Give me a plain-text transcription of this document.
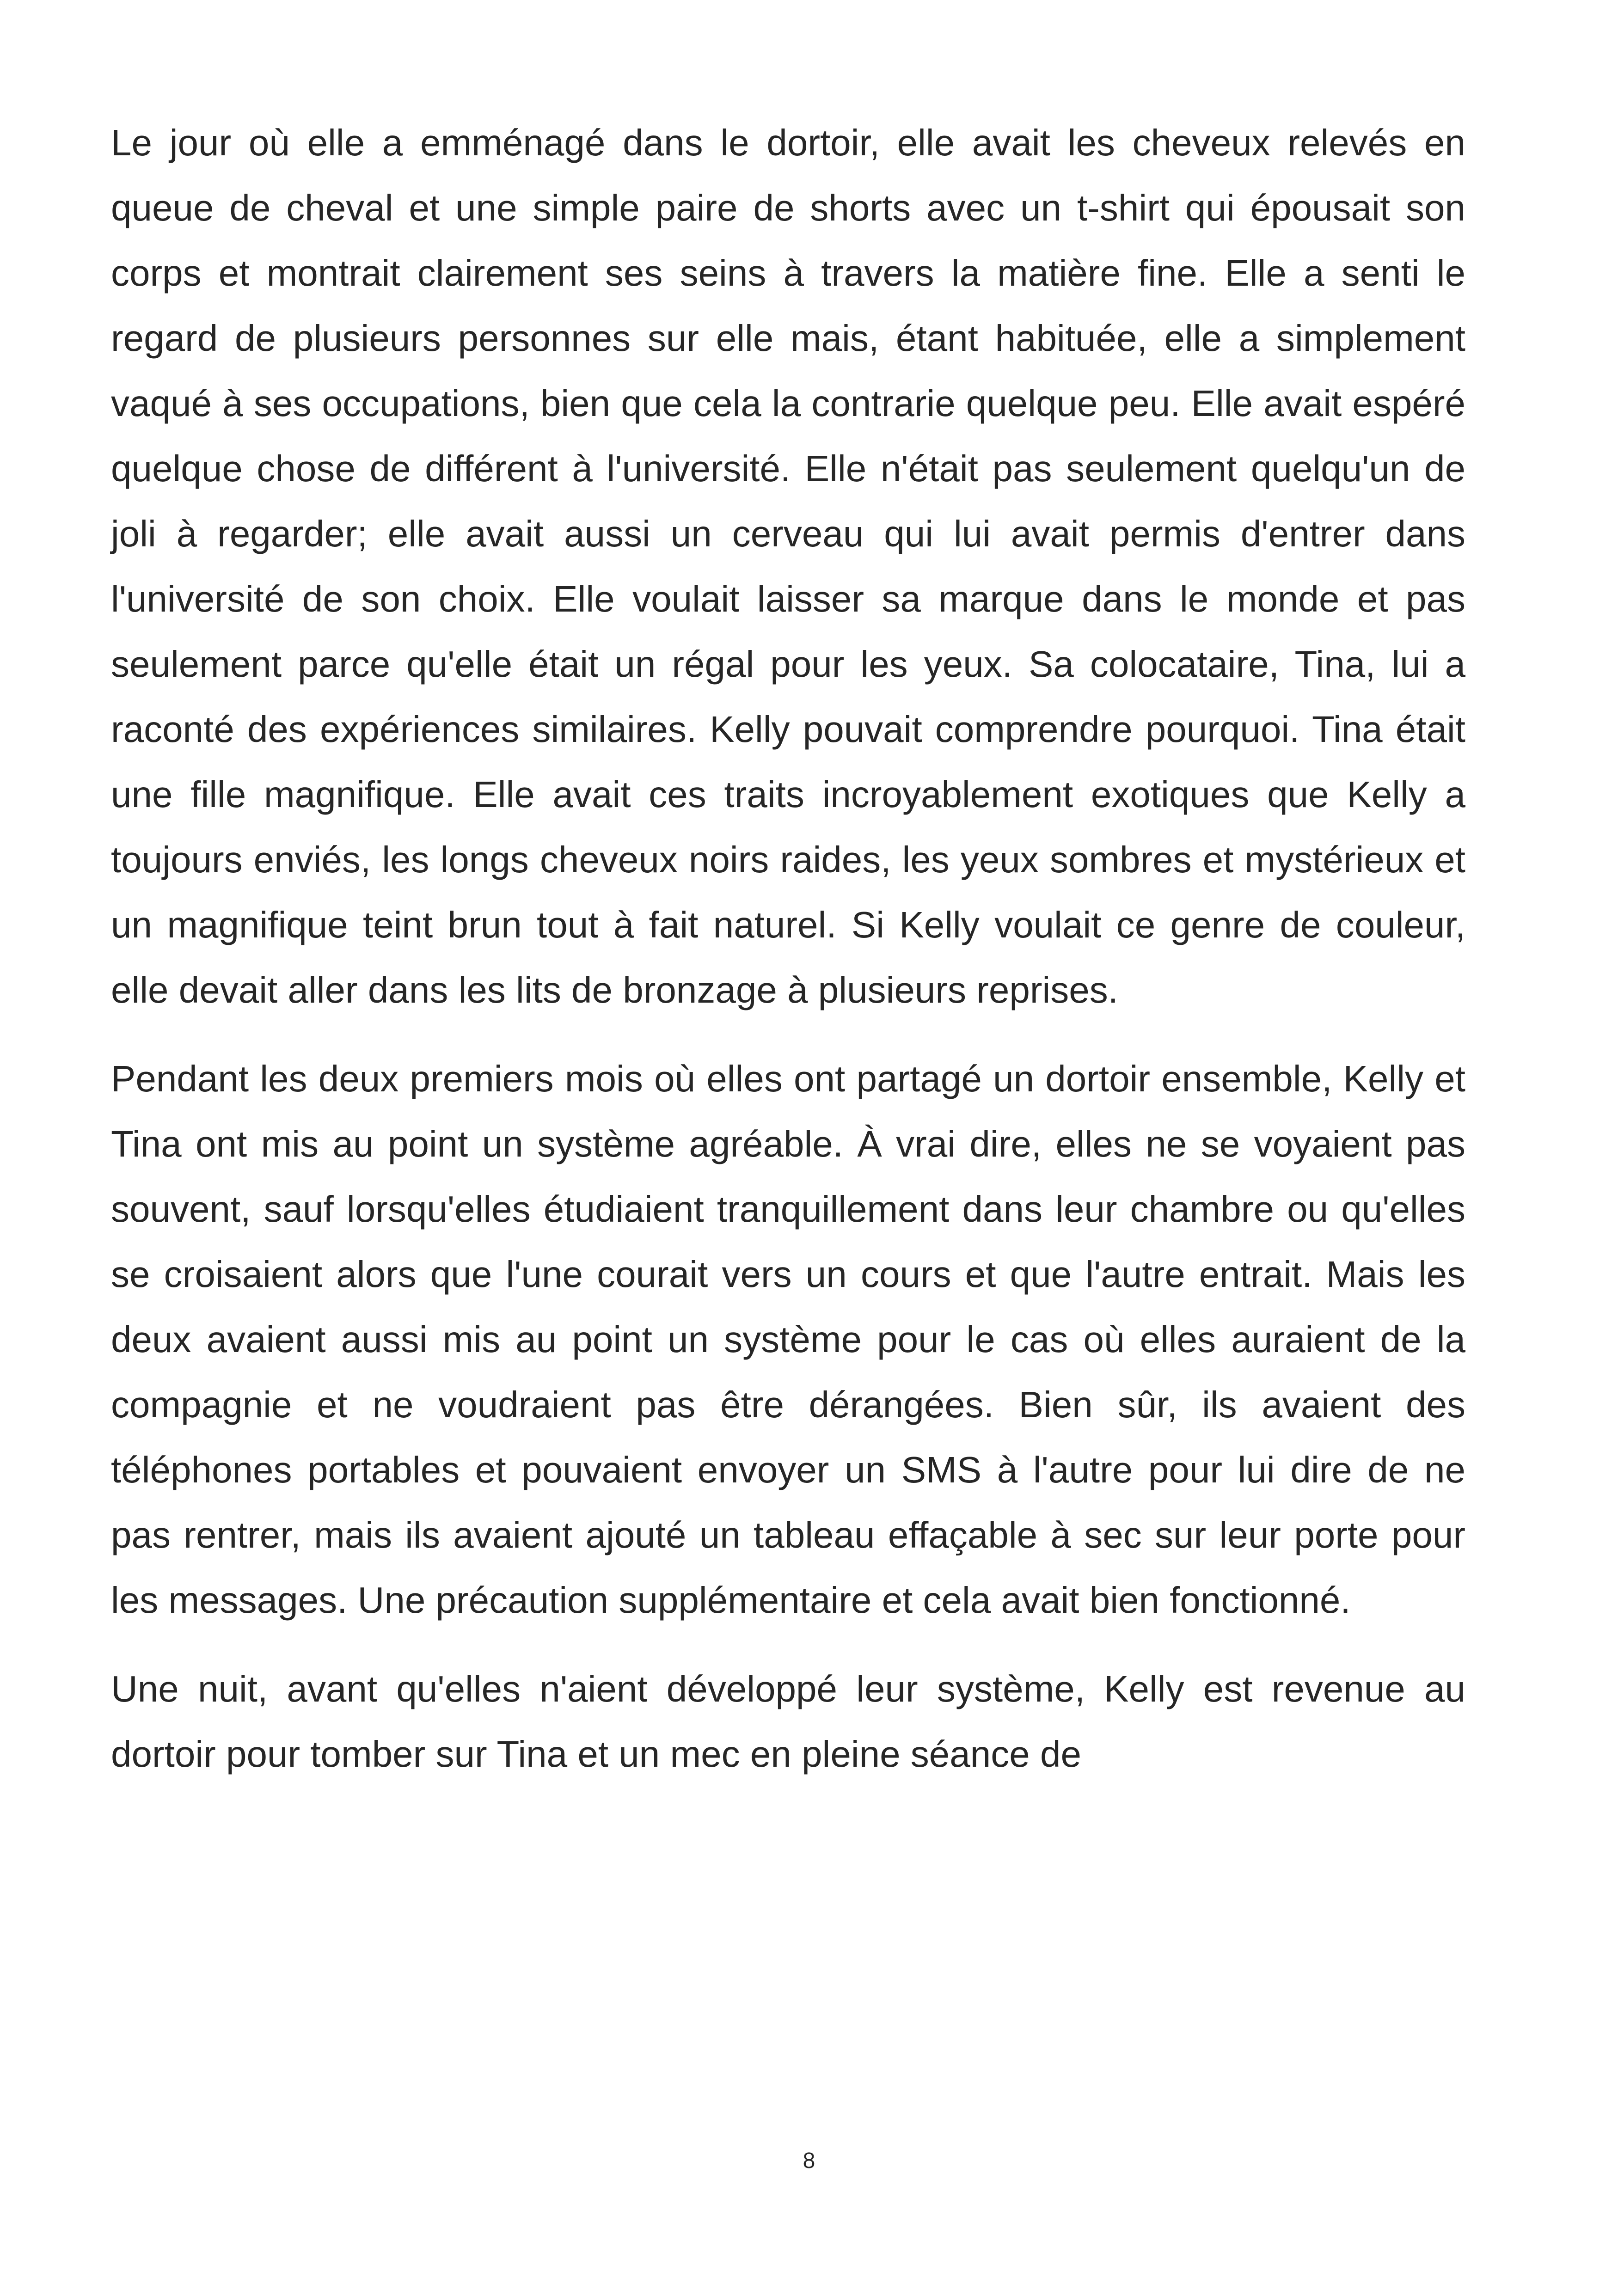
Le jour où elle a emménagé dans le dortoir, elle avait les cheveux relevés en queue de cheval et une simple paire de shorts avec un t-shirt qui épousait son corps et montrait clairement ses seins à travers la matière fine. Elle a senti le regard de plusieurs personnes sur elle mais, étant habituée, elle a simplement vaqué à ses occupations, bien que cela la contrarie quelque peu. Elle avait espéré quelque chose de différent à l'université. Elle n'était pas seulement quelqu'un de joli à regarder; elle avait aussi un cerveau qui lui avait permis d'entrer dans l'université de son choix. Elle voulait laisser sa marque dans le monde et pas seulement parce qu'elle était un régal pour les yeux. Sa colocataire, Tina, lui a raconté des expériences similaires. Kelly pouvait comprendre pourquoi. Tina était une fille magnifique. Elle avait ces traits incroyablement exotiques que Kelly a toujours enviés, les longs cheveux noirs raides, les yeux sombres et mystérieux et un magnifique teint brun tout à fait naturel. Si Kelly voulait ce genre de couleur, elle devait aller dans les lits de bronzage à plusieurs reprises.

Pendant les deux premiers mois où elles ont partagé un dortoir ensemble, Kelly et Tina ont mis au point un système agréable. À vrai dire, elles ne se voyaient pas souvent, sauf lorsqu'elles étudiaient tranquillement dans leur chambre ou qu'elles se croisaient alors que l'une courait vers un cours et que l'autre entrait. Mais les deux avaient aussi mis au point un système pour le cas où elles auraient de la compagnie et ne voudraient pas être dérangées. Bien sûr, ils avaient des téléphones portables et pouvaient envoyer un SMS à l'autre pour lui dire de ne pas rentrer, mais ils avaient ajouté un tableau effaçable à sec sur leur porte pour les messages. Une précaution supplémentaire et cela avait bien fonctionné.

Une nuit, avant qu'elles n'aient développé leur système, Kelly est revenue au dortoir pour tomber sur Tina et un mec en pleine séance de

8
